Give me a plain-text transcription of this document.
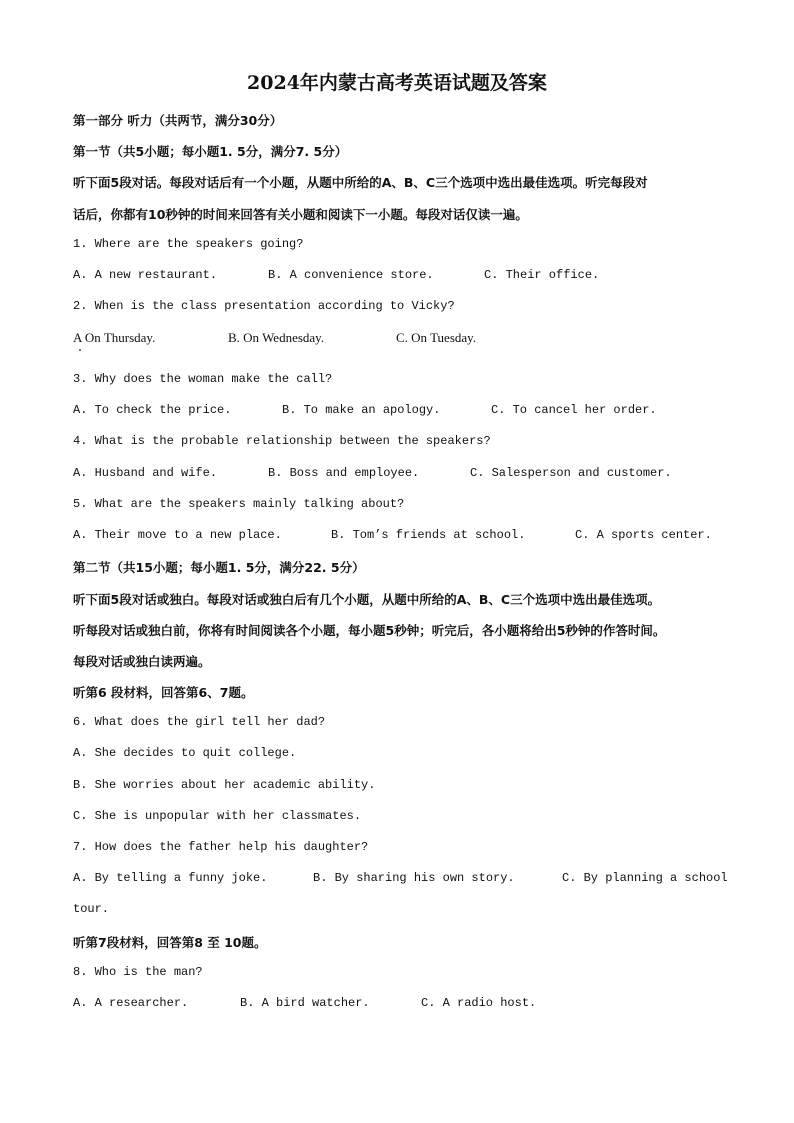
2024年内蒙古高考英语试题及答案
第一部分 听力（共两节，满分30分）
第一节（共5小题；每小题1. 5分，满分7. 5分）
听下面5段对话。每段对话后有一个小题，从题中所给的A、B、C三个选项中选出最佳选项。听完每段对
话后，你都有10秒钟的时间来回答有关小题和阅读下一小题。每段对话仅读一遍。
1. Where are the speakers going?
A. A new restaurant.	B. A convenience store.	C. Their office.
2. When is the class presentation according to Vicky?
A On Thursday.	B. On Wednesday.	C. On Tuesday.
3. Why does the woman make the call?
A. To check the price.	B. To make an apology.	C. To cancel her order.
4. What is the probable relationship between the speakers?
A. Husband and wife.	B. Boss and employee.	C. Salesperson and customer.
5. What are the speakers mainly talking about?
A. Their move to a new place.	B. Tom’s friends at school.	C. A sports center.
第二节（共15小题；每小题1. 5分，满分22. 5分）
听下面5段对话或独白。每段对话或独白后有几个小题，从题中所给的A、B、C三个选项中选出最佳选项。
听每段对话或独白前，你将有时间阅读各个小题，每小题5秒钟；听完后，各小题将给出5秒钟的作答时间。
每段对话或独白读两遍。
听第6 段材料，回答第6、7题。
6. What does the girl tell her dad?
A. She decides to quit college.
B. She worries about her academic ability.
C. She is unpopular with her classmates.
7. How does the father help his daughter?
A. By telling a funny joke.	B. By sharing his own story.	C. By planning a school
tour.
听第7段材料，回答第8 至 10题。
8. Who is the man?
A. A researcher.	B. A bird watcher.	C. A radio host.
